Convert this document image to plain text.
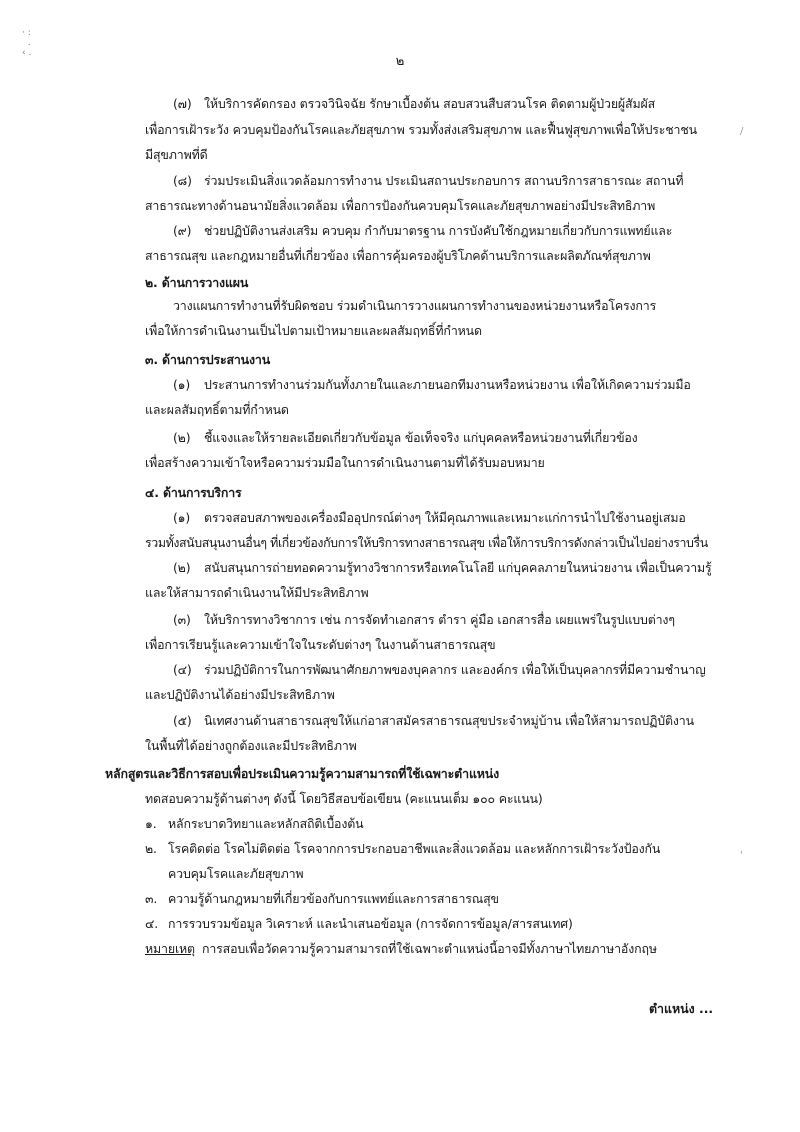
· :
.
‹ .
๒
(๗) ให้บริการคัดกรอง ตรวจวินิจฉัย รักษาเบื้องต้น สอบสวนสืบสวนโรค ติดตามผู้ป่วยผู้สัมผัส
เพื่อการเฝ้าระวัง ควบคุมป้องกันโรคและภัยสุขภาพ รวมทั้งส่งเสริมสุขภาพ และฟื้นฟูสุขภาพเพื่อให้ประชาชน
มีสุขภาพที่ดี
/
(๘) ร่วมประเมินสิ่งแวดล้อมการทำงาน ประเมินสถานประกอบการ สถานบริการสาธารณะ สถานที่
สาธารณะทางด้านอนามัยสิ่งแวดล้อม เพื่อการป้องกันควบคุมโรคและภัยสุขภาพอย่างมีประสิทธิภาพ
(๙) ช่วยปฏิบัติงานส่งเสริม ควบคุม กำกับมาตรฐาน การบังคับใช้กฎหมายเกี่ยวกับการแพทย์และ
สาธารณสุข และกฎหมายอื่นที่เกี่ยวข้อง เพื่อการคุ้มครองผู้บริโภคด้านบริการและผลิตภัณฑ์สุขภาพ
๒. ด้านการวางแผน
วางแผนการทำงานที่รับผิดชอบ ร่วมดำเนินการวางแผนการทำงานของหน่วยงานหรือโครงการ
เพื่อให้การดำเนินงานเป็นไปตามเป้าหมายและผลสัมฤทธิ์ที่กำหนด
๓. ด้านการประสานงาน
(๑) ประสานการทำงานร่วมกันทั้งภายในและภายนอกทีมงานหรือหน่วยงาน เพื่อให้เกิดความร่วมมือ
และผลสัมฤทธิ์ตามที่กำหนด
(๒) ชี้แจงและให้รายละเอียดเกี่ยวกับข้อมูล ข้อเท็จจริง แก่บุคคลหรือหน่วยงานที่เกี่ยวข้อง
เพื่อสร้างความเข้าใจหรือความร่วมมือในการดำเนินงานตามที่ได้รับมอบหมาย
๔. ด้านการบริการ
(๑) ตรวจสอบสภาพของเครื่องมืออุปกรณ์ต่างๆ ให้มีคุณภาพและเหมาะแก่การนำไปใช้งานอยู่เสมอ
รวมทั้งสนับสนุนงานอื่นๆ ที่เกี่ยวข้องกับการให้บริการทางสาธารณสุข เพื่อให้การบริการดังกล่าวเป็นไปอย่างราบรื่น
(๒) สนับสนุนการถ่ายทอดความรู้ทางวิชาการหรือเทคโนโลยี แก่บุคคลภายในหน่วยงาน เพื่อเป็นความรู้
และให้สามารถดำเนินงานให้มีประสิทธิภาพ
(๓) ให้บริการทางวิชาการ เช่น การจัดทำเอกสาร ตำรา คู่มือ เอกสารสื่อ เผยแพร่ในรูปแบบต่างๆ
เพื่อการเรียนรู้และความเข้าใจในระดับต่างๆ ในงานด้านสาธารณสุข
(๔) ร่วมปฏิบัติการในการพัฒนาศักยภาพของบุคลากร และองค์กร เพื่อให้เป็นบุคลากรที่มีความชำนาญ
และปฏิบัติงานได้อย่างมีประสิทธิภาพ
(๕) นิเทศงานด้านสาธารณสุขให้แก่อาสาสมัครสาธารณสุขประจำหมู่บ้าน เพื่อให้สามารถปฏิบัติงาน
ในพื้นที่ได้อย่างถูกต้องและมีประสิทธิภาพ
หลักสูตรและวิธีการสอบเพื่อประเมินความรู้ความสามารถที่ใช้เฉพาะตำแหน่ง
ทดสอบความรู้ด้านต่างๆ ดังนี้ โดยวิธีสอบข้อเขียน (คะแนนเต็ม ๑๐๐ คะแนน)
๑. หลักระบาดวิทยาและหลักสถิติเบื้องต้น
๒. โรคติดต่อ โรคไม่ติดต่อ โรคจากการประกอบอาชีพและสิ่งแวดล้อม และหลักการเฝ้าระวังป้องกัน
ควบคุมโรคและภัยสุขภาพ
'
๓. ความรู้ด้านกฎหมายที่เกี่ยวข้องกับการแพทย์และการสาธารณสุข
๔. การรวบรวมข้อมูล วิเคราะห์ และนำเสนอข้อมูล (การจัดการข้อมูล/สารสนเทศ)
หมายเหตุ การสอบเพื่อวัดความรู้ความสามารถที่ใช้เฉพาะตำแหน่งนี้อาจมีทั้งภาษาไทยภาษาอังกฤษ
ตำแหน่ง ...
